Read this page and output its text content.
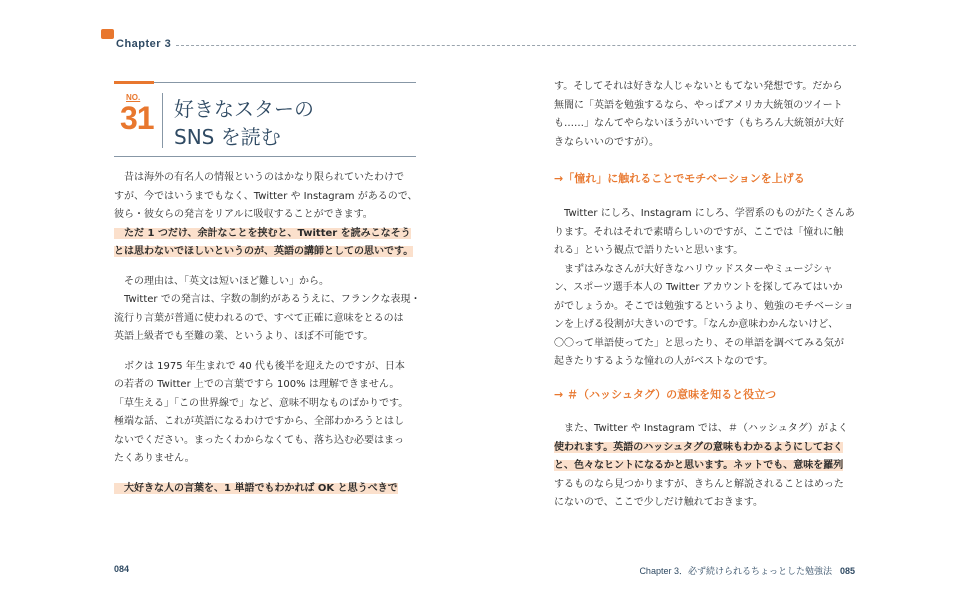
Chapter 3
NO.
31 好きなスターの
SNS を読む

　昔は海外の有名人の情報というのはかなり限られていたわけで

すが、今ではいうまでもなく、Twitter や Instagram があるので、

彼ら・彼女らの発言をリアルに吸収することができます。

　ただ 1 つだけ、余計なことを挟むと、Twitter を読みこなそう

とは思わないでほしいというのが、英語の講師としての思いです。

　その理由は、「英文は短いほど難しい」から。

　Twitter での発言は、字数の制約があるうえに、フランクな表現・

流行り言葉が普通に使われるので、すべて正確に意味をとるのは

英語上級者でも至難の業、というより、ほぼ不可能です。

　ボクは 1975 年生まれで 40 代も後半を迎えたのですが、日本

の若者の Twitter 上での言葉ですら 100% は理解できません。

「草生える」「この世界線で」など、意味不明なものばかりです。

極端な話、これが英語になるわけですから、全部わかろうとはし

ないでください。まったくわからなくても、落ち込む必要はまっ

たくありません。

　大好きな人の言葉を、1 単語でもわかれば OK と思うべきで

す。そしてそれは好きな人じゃないともてない発想です。だから

無闇に「英語を勉強するなら、やっぱアメリカ大統領のツイート

も……」なんてやらないほうがいいです（もちろん大統領が大好

きならいいのですが）。

→「憧れ」に触れることでモチベーションを上げる

　Twitter にしろ、Instagram にしろ、学習系のものがたくさんあ

ります。それはそれで素晴らしいのですが、ここでは「憧れに触

れる」という観点で語りたいと思います。

　まずはみなさんが大好きなハリウッドスターやミュージシャ

ン、スポーツ選手本人の Twitter アカウントを探してみてはいか

がでしょうか。そこでは勉強するというより、勉強のモチベーショ

ンを上げる役割が大きいのです。「なんか意味わかんないけど、

〇〇って単語使ってた」と思ったり、その単語を調べてみる気が

起きたりするような憧れの人がベストなのです。

→ ＃（ハッシュタグ）の意味を知ると役立つ

　また、Twitter や Instagram では、＃（ハッシュタグ）がよく

使われます。英語のハッシュタグの意味もわかるようにしておく

と、色々なヒントになるかと思います。ネットでも、意味を羅列

するものなら見つかりますが、きちんと解説されることはめった

にないので、ここで少しだけ触れておきます。

084	Chapter 3．必ず続けられるちょっとした勉強法 085
